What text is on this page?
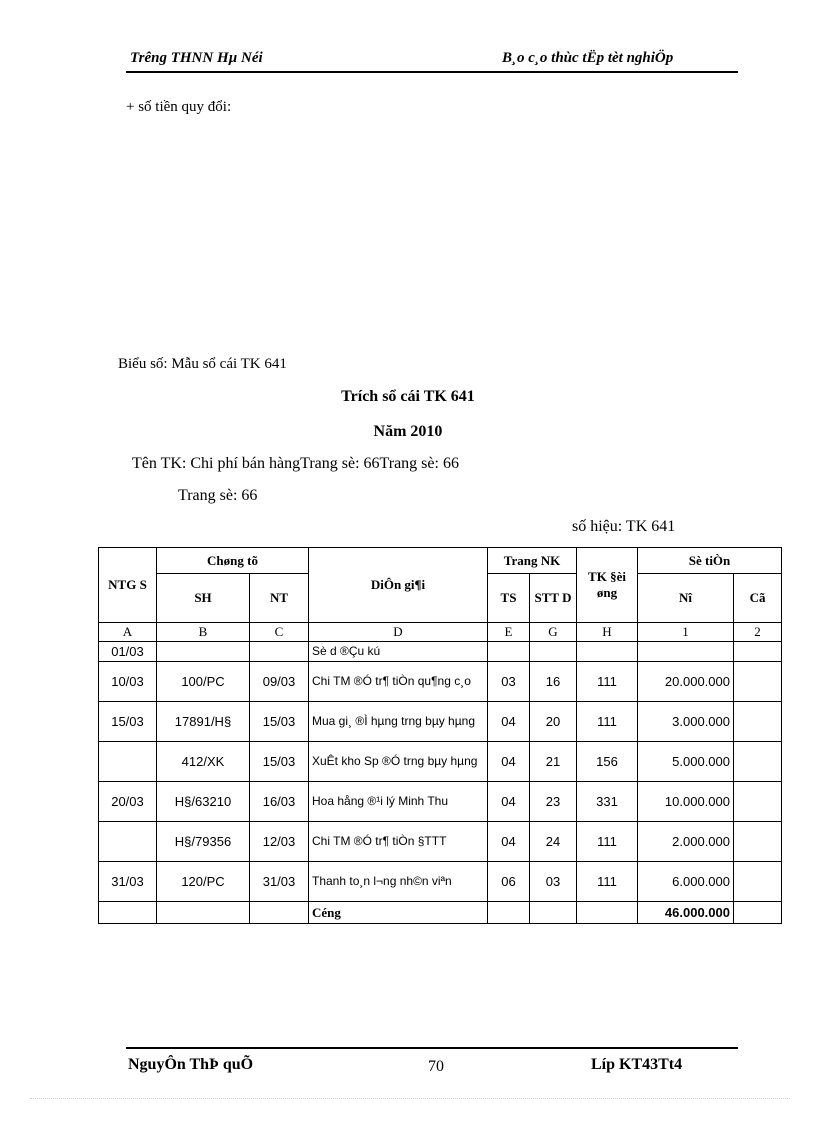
Trêng THNN Hµ Néi	B¸o c¸o thùc tËp tèt nghiÖp
+ số tiền quy đổi:
Biểu số: Mẫu sổ cái TK 641
Trích sổ cái TK 641
Năm 2010
Tên TK: Chi phí bán hàngTrang sè: 66Trang sè: 66
Trang sè: 66
số hiệu: TK 641
NTG S	Chøng tõ		DiÔn gi¶i	Trang NK		TK §èi øng	Sè tiÒn	
	SH	NT		TS	STT D		Nî	Cã
A	B	C	D	E	G	H	1	2
01/03			Sè d ®Çu kú					
10/03	100/PC	09/03	Chi TM ®Ó tr¶ tiÒn qu¶ng c¸o	03	16	111	20.000.000	
15/03	17891/H§	15/03	Mua gi¸ ®Ì hµng trng bµy hµng	04	20	111	3.000.000	
	412/XK	15/03	XuÊt kho Sp ®Ó trng bµy hµng	04	21	156	5.000.000	
20/03	H§/63210	16/03	Hoa hång ®¹i lý Minh Thu	04	23	331	10.000.000	
	H§/79356	12/03	Chi TM ®Ó tr¶ tiÒn §TTT	04	24	111	2.000.000	
31/03	120/PC	31/03	Thanh to¸n l¬ng nh©n viªn	06	03	111	6.000.000	
			Céng				46.000.000	
NguyÔn ThÞ quÕ	70	Líp KT43Tt4
